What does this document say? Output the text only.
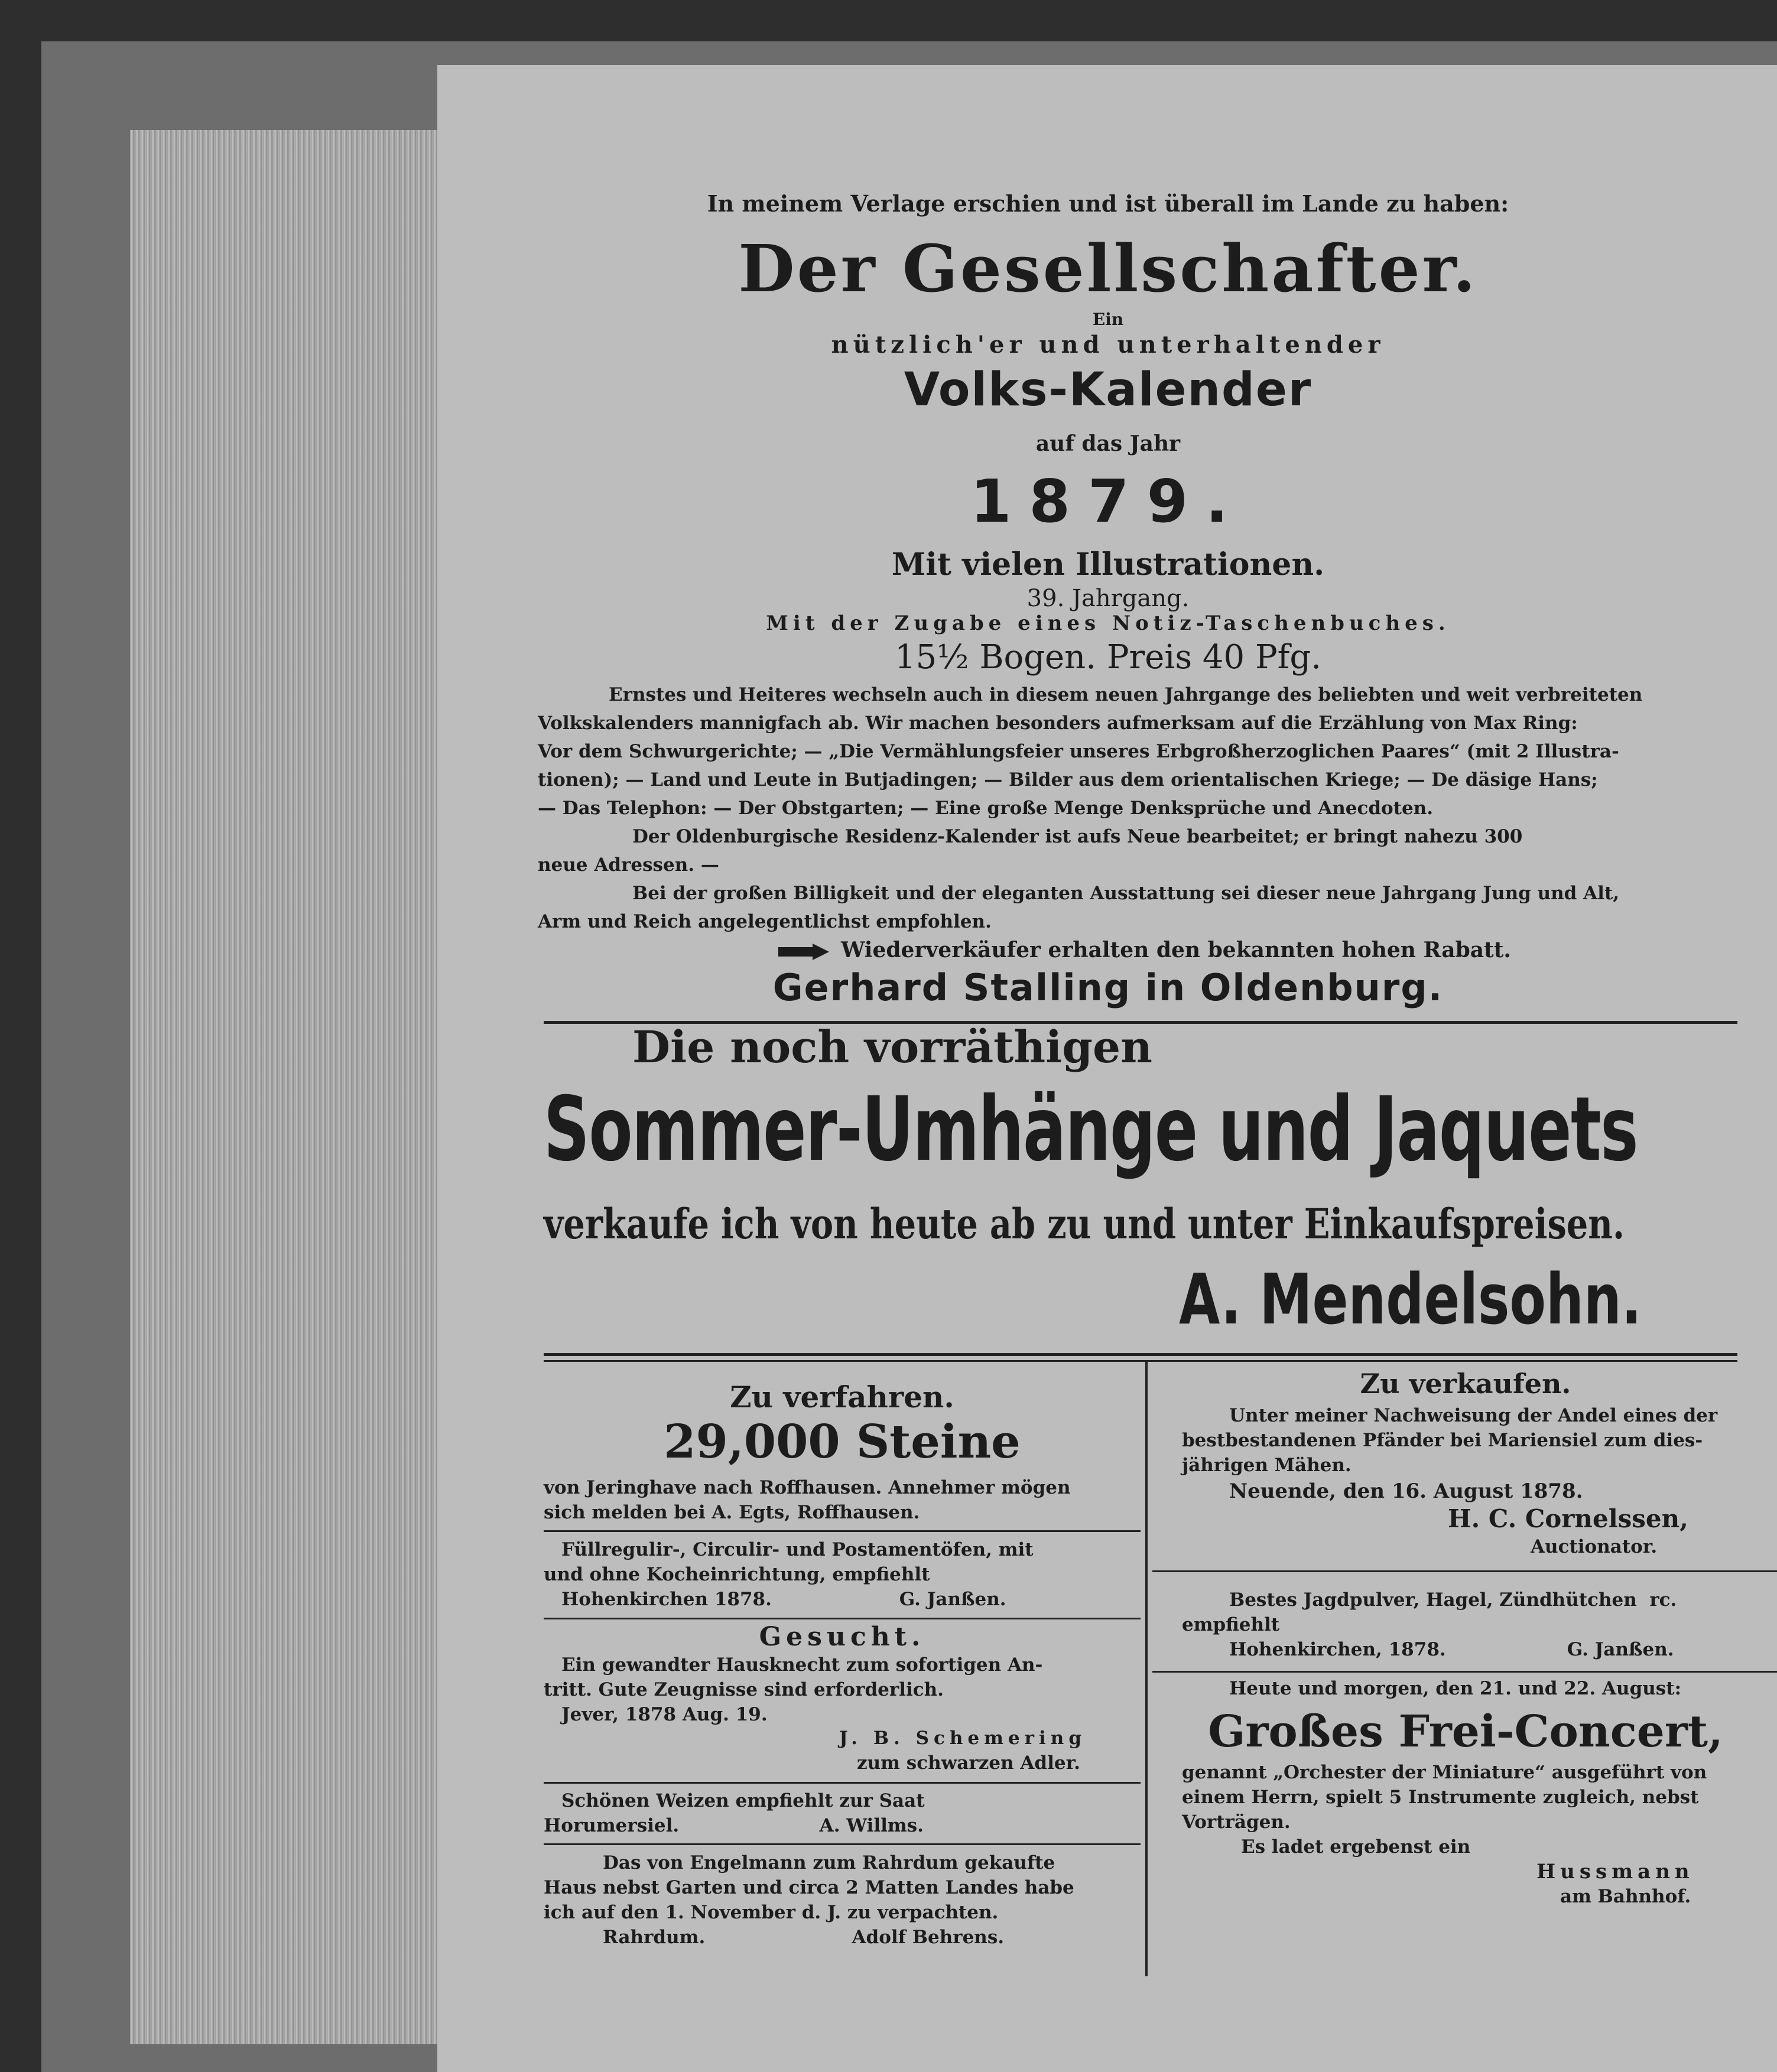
In meinem Verlage erschien und ist überall im Lande zu haben:
Der Gesellschafter.
Ein
nützlich'er und unterhaltender
Volks-Kalender
auf das Jahr
1879.
Mit vielen Illustrationen.
39. Jahrgang.
Mit der Zugabe eines Notiz-Taschenbuches.
15½ Bogen. Preis 40 Pfg.
Ernstes und Heiteres wechseln auch in diesem neuen Jahrgange des beliebten und weit verbreiteten
Volkskalenders mannigfach ab. Wir machen besonders aufmerksam auf die Erzählung von Max Ring:
Vor dem Schwurgerichte; — „Die Vermählungsfeier unseres Erbgroßherzoglichen Paares“ (mit 2 Illustra-
tionen); — Land und Leute in Butjadingen; — Bilder aus dem orientalischen Kriege; — De däsige Hans;
— Das Telephon: — Der Obstgarten; — Eine große Menge Denksprüche und Anecdoten.
Der Oldenburgische Residenz-Kalender ist aufs Neue bearbeitet; er bringt nahezu 300
neue Adressen. —
Bei der großen Billigkeit und der eleganten Ausstattung sei dieser neue Jahrgang Jung und Alt,
Arm und Reich angelegentlichst empfohlen.
Wiederverkäufer erhalten den bekannten hohen Rabatt.
Gerhard Stalling in Oldenburg.
Die noch vorräthigen
Sommer-Umhänge und Jaquets
verkaufe ich von heute ab zu und unter Einkaufspreisen.
A. Mendelsohn.
Zu verfahren.
29,000 Steine
von Jeringhave nach Roffhausen. Annehmer mögen
sich melden bei A. Egts, Roffhausen.
Füllregulir-, Circulir- und Postamentöfen, mit
und ohne Kocheinrichtung, empfiehlt
Hohenkirchen 1878.                    G. Janßen.
Gesucht.
Ein gewandter Hausknecht zum sofortigen An-
tritt. Gute Zeugnisse sind erforderlich.
Jever, 1878 Aug. 19.
J. B. Schemering
zum schwarzen Adler.
Schönen Weizen empfiehlt zur Saat
Horumersiel.                      A. Willms.
Das von Engelmann zum Rahrdum gekaufte
Haus nebst Garten und circa 2 Matten Landes habe
ich auf den 1. November d. J. zu verpachten.
Rahrdum.                       Adolf Behrens.
Zu verkaufen.
Unter meiner Nachweisung der Andel eines der
bestbestandenen Pfänder bei Mariensiel zum dies-
jährigen Mähen.
Neuende, den 16. August 1878.
H. C. Cornelssen,
Auctionator.
Bestes Jagdpulver, Hagel, Zündhütchen  rc.
empfiehlt
Hohenkirchen, 1878.                   G. Janßen.
Heute und morgen, den 21. und 22. August:
Großes Frei-Concert,
genannt „Orchester der Miniature“ ausgeführt von
einem Herrn, spielt 5 Instrumente zugleich, nebst
Vorträgen.
Es ladet ergebenst ein
Hussmann
am Bahnhof.
